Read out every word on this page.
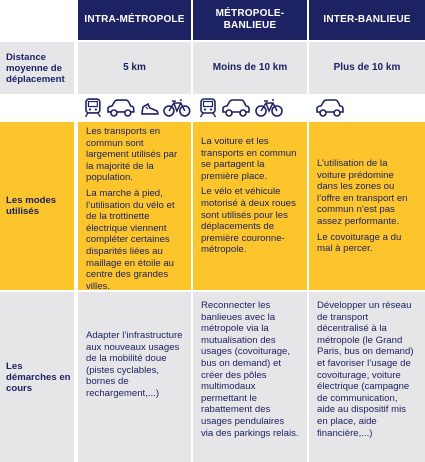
INTRA-MÉTROPOLE
MÉTROPOLE-
BANLIEUE
INTER-BANLIEUE
Distance moyenne de déplacement
5 km	Moins de 10 km	Plus de 10 km
Les modes utilisés

Les transports en commun sont largement utilisés par la majorité de la population.

La marche à pied, l’utilisation du vélo et de la trottinette électrique viennent compléter certaines disparités liées au maillage en étoile au centre des grandes villes.

La voiture et les transports en commun se partagent la première place.

Le vélo et véhicule motorisé à deux roues sont utilisés pour les déplacements de première couronne-métropole.

L’utilisation de la voiture prédomine dans les zones ou l’offre en transport en commun n’est pas assez performante.

Le covoiturage a du mal à percer.

Les démarches en cours
Adapter l’infrastructure aux nouveaux usages de la mobilité doue (pistes cyclables, bornes de rechargement,...)
Reconnecter les banlieues avec la métropole via la mutualisation des usages (covoiturage, bus on demand) et créer des pôles multimodaux permettant le rabattement des usages pendulaires via des parkings relais.
Développer un réseau de transport décentralisé à la métropole (le Grand Paris, bus on demand) et favoriser l’usage de covoiturage, voiture électrique (campagne de communication, aide au dispositif mis en place, aide financière,...)
